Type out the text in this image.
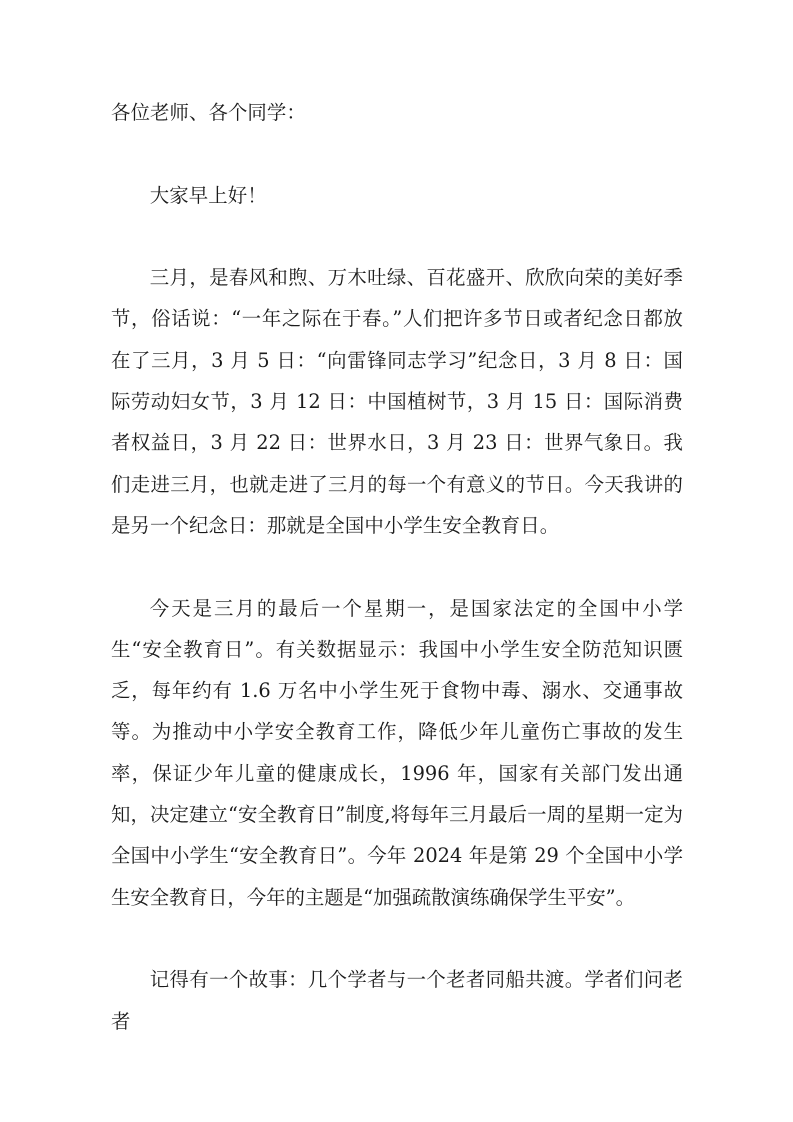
各位老师、各个同学：

大家早上好！

三月，是春风和煦、万木吐绿、百花盛开、欣欣向荣的美好季节，俗话说：“一年之际在于春。”人们把许多节日或者纪念日都放在了三月，3 月 5 日：“向雷锋同志学习”纪念日，3 月 8 日：国际劳动妇女节，3 月 12 日：中国植树节，3 月 15 日：国际消费者权益日，3 月 22 日：世界水日，3 月 23 日：世界气象日。我们走进三月，也就走进了三月的每一个有意义的节日。今天我讲的是另一个纪念日：那就是全国中小学生安全教育日。

今天是三月的最后一个星期一，是国家法定的全国中小学生“安全教育日”。有关数据显示：我国中小学生安全防范知识匮乏，每年约有 1.6 万名中小学生死于食物中毒、溺水、交通事故等。为推动中小学安全教育工作，降低少年儿童伤亡事故的发生率，保证少年儿童的健康成长，1996 年，国家有关部门发出通知，决定建立“安全教育日”制度,将每年三月最后一周的星期一定为全国中小学生“安全教育日”。今年 2024 年是第 29 个全国中小学生安全教育日，今年的主题是“加强疏散演练确保学生平安”。

记得有一个故事：几个学者与一个老者同船共渡。学者们问老者
